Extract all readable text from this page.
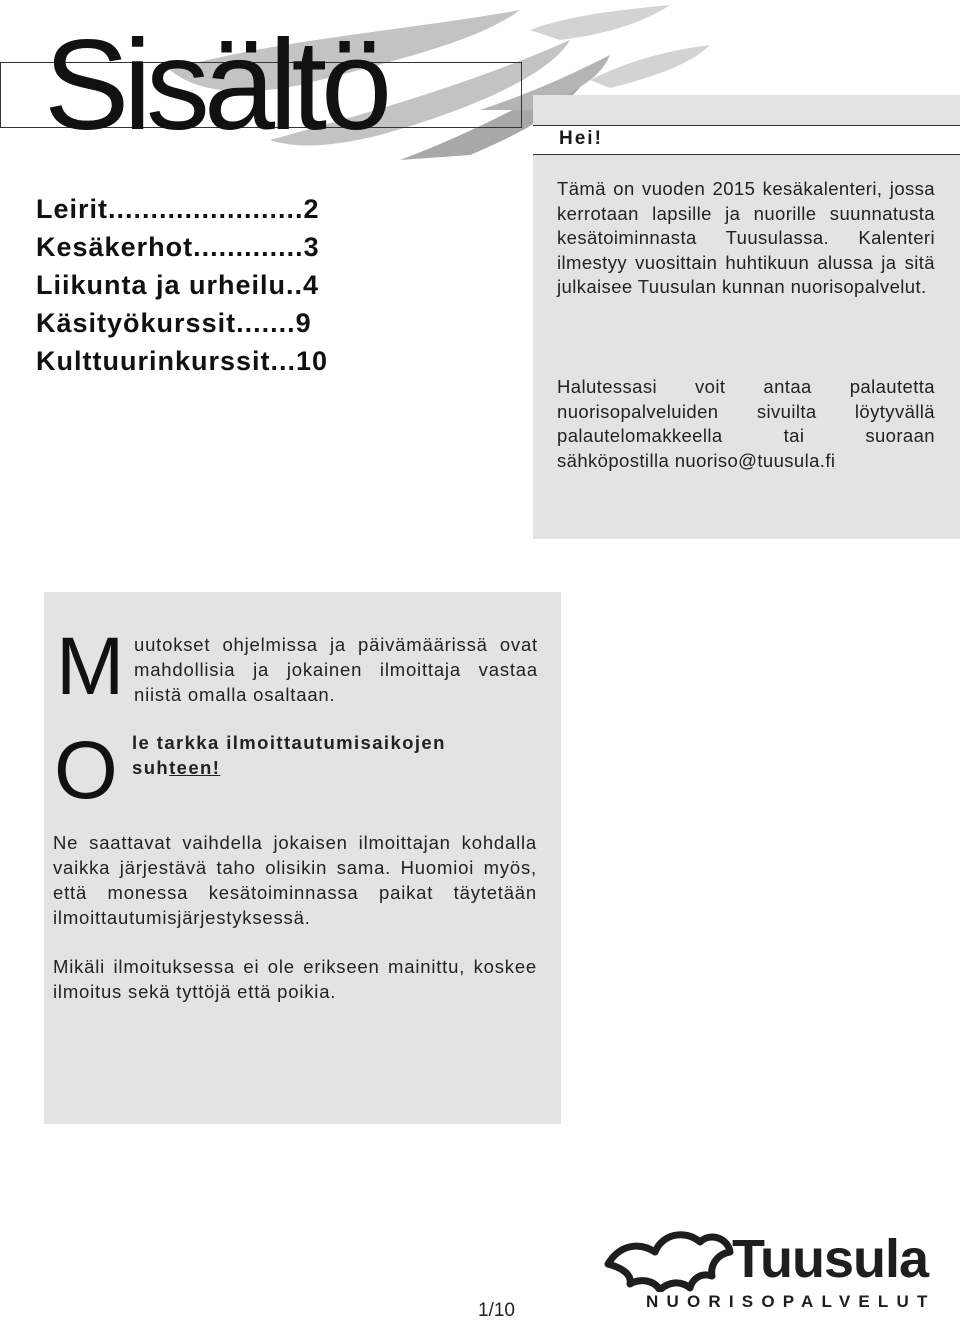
Sisältö
Leirit.......................2
Kesäkerhot.............3
Liikunta ja urheilu..4
Käsityökurssit.......9
Kulttuurinkurssit...10
Hei!
Tämä on vuoden 2015 kesäkalenteri, jossa kerrotaan lapsille ja nuorille suunnatusta kesätoiminnasta Tuusulassa. Kalenteri ilmestyy vuosittain huhtikuun alussa ja sitä julkaisee Tuusulan kunnan nuorisopalvelut.
Halutessasi voit antaa palautetta nuorisopalveluiden sivuilta löytyvällä palautelomakkeella tai suoraan sähköpostilla nuoriso@tuusula.fi
M uutokset ohjelmissa ja päivämäärissä ovat mahdollisia ja jokainen ilmoittaja vastaa niistä omalla osaltaan.
O le tarkka ilmoittautumisaikojen suhteen!
Ne saattavat vaihdella jokaisen ilmoittajan kohdalla vaikka järjestävä taho olisikin sama. Huomioi myös, että monessa kesätoiminnassa paikat täytetään ilmoittautumisjärjestyksessä.
Mikäli ilmoituksessa ei ole erikseen mainittu, koskee ilmoitus sekä tyttöjä että poikia.
1/10
Tuusula
NUORISOPALVELUT
